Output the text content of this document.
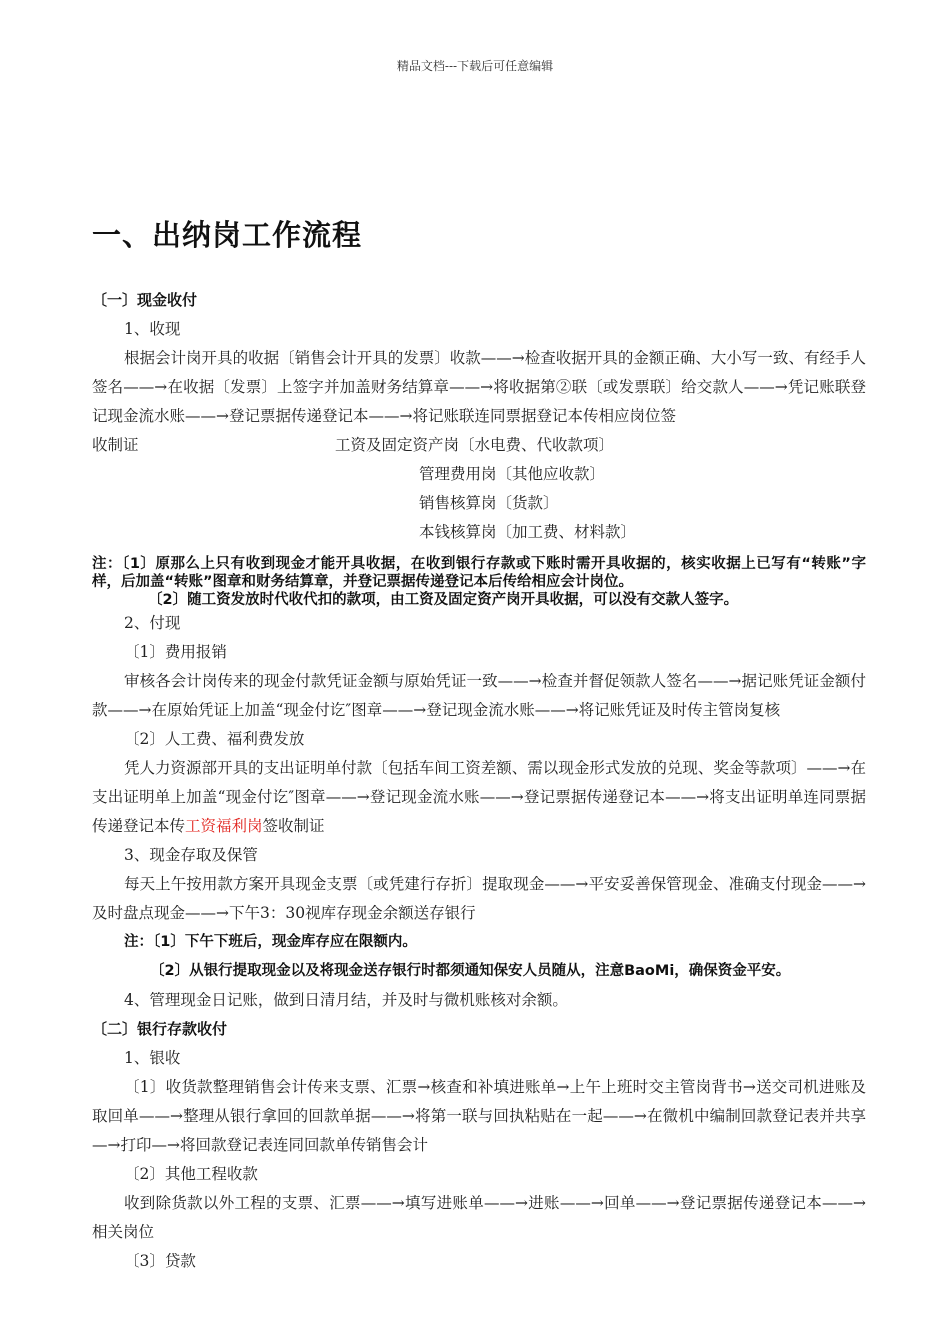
精品文档---下载后可任意编辑
一、出纳岗工作流程

〔一〕现金收付

1、收现

根据会计岗开具的收据〔销售会计开具的发票〕收款——→检查收据开具的金额正确、大小写一致、有经手人签名——→在收据〔发票〕上签字并加盖财务结算章——→将收据第②联〔或发票联〕给交款人——→凭记账联登记现金流水账——→登记票据传递登记本——→将记账联连同票据登记本传相应岗位签

收制证	工资及固定资产岗〔水电费、代收款项〕
管理费用岗〔其他应收款〕
销售核算岗〔货款〕
本钱核算岗〔加工费、材料款〕

注：〔1〕原那么上只有收到现金才能开具收据，在收到银行存款或下账时需开具收据的，核实收据上已写有“转账”字样，后加盖“转账”图章和财务结算章，并登记票据传递登记本后传给相应会计岗位。

〔2〕随工资发放时代收代扣的款项，由工资及固定资产岗开具收据，可以没有交款人签字。

2、付现

〔1〕费用报销

审核各会计岗传来的现金付款凭证金额与原始凭证一致——→检查并督促领款人签名——→据记账凭证金额付款——→在原始凭证上加盖“现金付讫″图章——→登记现金流水账——→将记账凭证及时传主管岗复核

〔2〕人工费、福利费发放

凭人力资源部开具的支出证明单付款〔包括车间工资差额、需以现金形式发放的兑现、奖金等款项〕——→在支出证明单上加盖“现金付讫″图章——→登记现金流水账——→登记票据传递登记本——→将支出证明单连同票据传递登记本传工资福利岗签收制证

3、现金存取及保管

每天上午按用款方案开具现金支票〔或凭建行存折〕提取现金——→平安妥善保管现金、准确支付现金——→及时盘点现金——→下午3：30视库存现金余额送存银行

注：〔1〕下午下班后，现金库存应在限额内。

〔2〕从银行提取现金以及将现金送存银行时都须通知保安人员随从，注意BaoMi，确保资金平安。

4、管理现金日记账，做到日清月结，并及时与微机账核对余额。

〔二〕银行存款收付

1、银收

〔1〕收货款整理销售会计传来支票、汇票→核查和补填进账单→上午上班时交主管岗背书→送交司机进账及取回单——→整理从银行拿回的回款单据——→将第一联与回执粘贴在一起——→在微机中编制回款登记表并共享—→打印—→将回款登记表连同回款单传销售会计

〔2〕其他工程收款

收到除货款以外工程的支票、汇票——→填写进账单——→进账——→回单——→登记票据传递登记本——→相关岗位

〔3〕贷款
